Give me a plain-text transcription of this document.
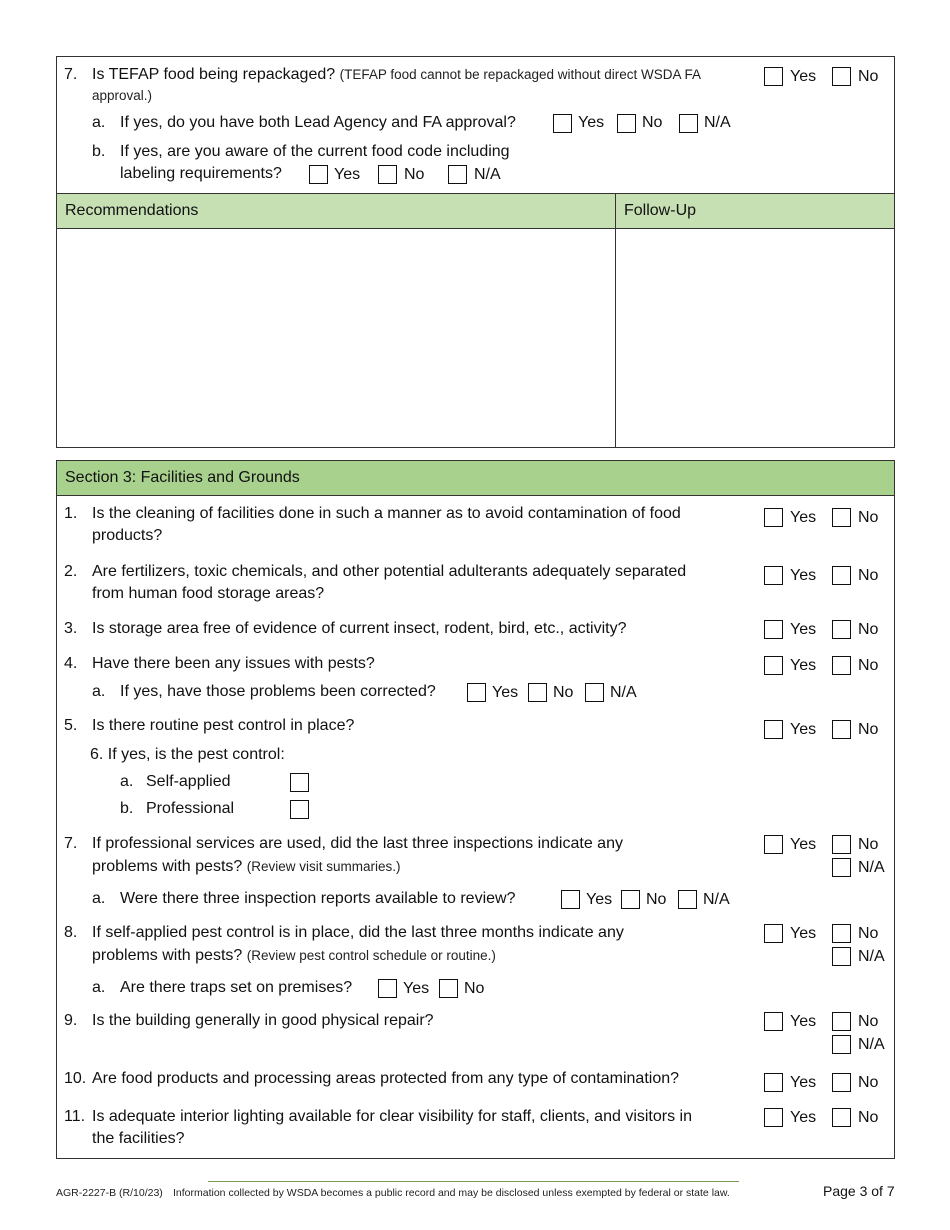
7. Is TEFAP food being repackaged? (TEFAP food cannot be repackaged without direct WSDA FA
approval.)
Yes	No
a. If yes, do you have both Lead Agency and FA approval?	Yes No	N/A
b. If yes, are you aware of the current food code including
labeling requirements?	Yes	No	N/A
Recommendations	Follow-Up
Section 3: Facilities and Grounds
1. Is the cleaning of facilities done in such a manner as to avoid contamination of food
products?
Yes	No
2. Are fertilizers, toxic chemicals, and other potential adulterants adequately separated
from human food storage areas?
Yes	No
3. Is storage area free of evidence of current insect, rodent, bird, etc., activity?	Yes	No
4. Have there been any issues with pests?	Yes	No
a. If yes, have those problems been corrected?	Yes No N/A
5. Is there routine pest control in place?	Yes	No
6. If yes, is the pest control:
a. Self-applied
b. Professional
7. If professional services are used, did the last three inspections indicate any
problems with pests? (Review visit summaries.)
Yes	No
N/A
a. Were there three inspection reports available to review?	Yes No N/A
8. If self-applied pest control is in place, did the last three months indicate any
problems with pests? (Review pest control schedule or routine.)
Yes	No
N/A
a. Are there traps set on premises?	Yes No
9. Is the building generally in good physical repair?	Yes	No
N/A
10. Are food products and processing areas protected from any type of contamination?	Yes	No
11. Is adequate interior lighting available for clear visibility for staff, clients, and visitors in
the facilities?
Yes	No
AGR-2227-B (R/10/23) Information collected by WSDA becomes a public record and may be disclosed unless exempted by federal or state law.	Page 3 of 7
